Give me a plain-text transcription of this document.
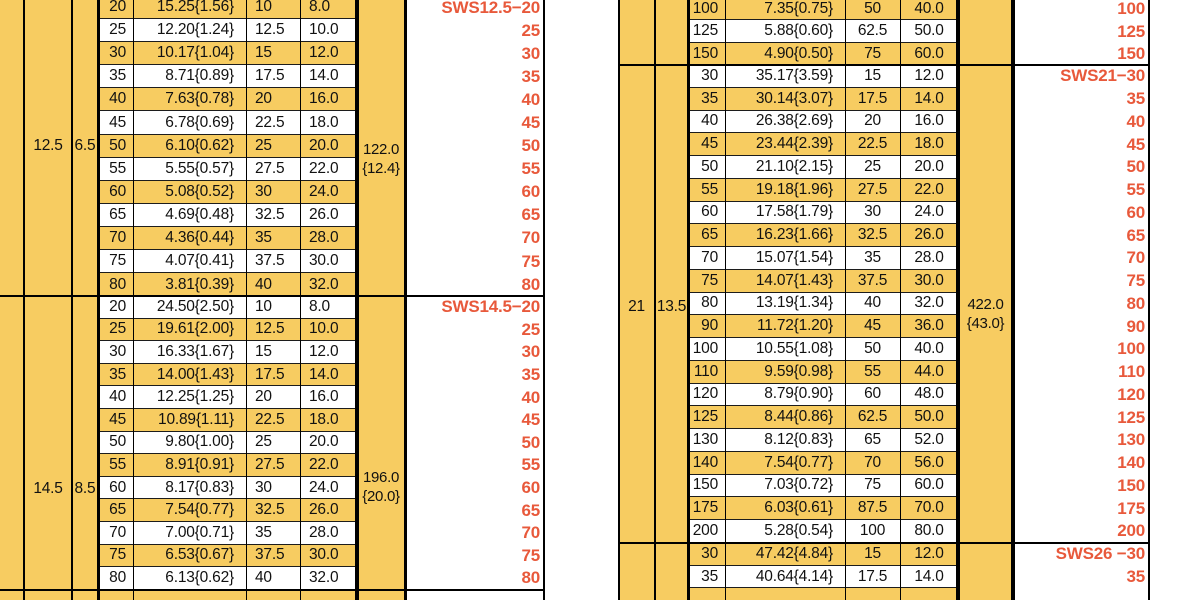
12.5 6.5	122.0
{12.4}
20	15.25{1.56}	10	8.0	SWS12.5−20
25	12.20{1.24}	12.5	10.0	25
30	10.17{1.04}	15	12.0	30
35	8.71{0.89}	17.5	14.0	35
40	7.63{0.78}	20	16.0	40
45	6.78{0.69}	22.5	18.0	45
50	6.10{0.62}	25	20.0	50
55	5.55{0.57}	27.5	22.0	55
60	5.08{0.52}	30	24.0	60
65	4.69{0.48}	32.5	26.0	65
70	4.36{0.44}	35	28.0	70
75	4.07{0.41}	37.5	30.0	75
80	3.81{0.39}	40	32.0	80
14.5 8.5
196.0
{20.0}
20	24.50{2.50}	10	8.0	SWS14.5−20
25	19.61{2.00}	12.5	10.0	25
30	16.33{1.67}	15	12.0	30
35	14.00{1.43}	17.5	14.0	35
40	12.25{1.25}	20	16.0	40
45	10.89{1.11}	22.5	18.0	45
50	9.80{1.00}	25	20.0	50
55	8.91{0.91}	27.5	22.0	55
60	8.17{0.83}	30	24.0	60
65	7.54{0.77}	32.5	26.0	65
70	7.00{0.71}	35	28.0	70
75	6.53{0.67}	37.5	30.0	75
80	6.13{0.62}	40	32.0	80
100	7.35{0.75}	50	40.0	100
125	5.88{0.60}	62.5	50.0	125
150	4.90{0.50}	75	60.0	150
21 13.5	422.0
{43.0}
30	35.17{3.59}	15	12.0	SWS21−30
35	30.14{3.07}	17.5	14.0	35
40	26.38{2.69}	20	16.0	40
45	23.44{2.39}	22.5	18.0	45
50	21.10{2.15}	25	20.0	50
55	19.18{1.96}	27.5	22.0	55
60	17.58{1.79}	30	24.0	60
65	16.23{1.66}	32.5	26.0	65
70	15.07{1.54}	35	28.0	70
75	14.07{1.43}	37.5	30.0	75
80	13.19{1.34}	40	32.0	80
90	11.72{1.20}	45	36.0	90
100	10.55{1.08}	50	40.0	100
110	9.59{0.98}	55	44.0	110
120	8.79{0.90}	60	48.0	120
125	8.44{0.86}	62.5	50.0	125
130	8.12{0.83}	65	52.0	130
140	7.54{0.77}	70	56.0	140
150	7.03{0.72}	75	60.0	150
175	6.03{0.61}	87.5	70.0	175
200	5.28{0.54}	100	80.0	200
30	47.42{4.84}	15	12.0	SWS26 −30
35	40.64{4.14}	17.5	14.0	35
